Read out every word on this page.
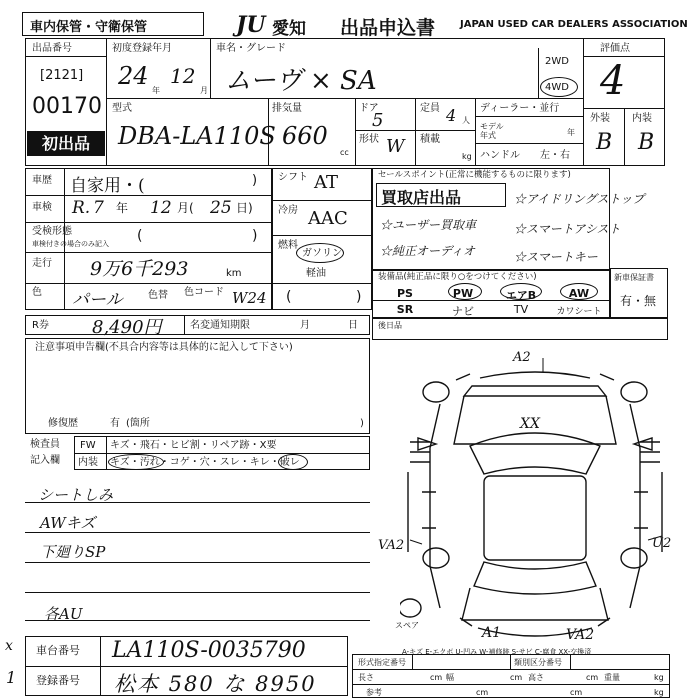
車内保管・守衛保管	JU 愛知 出品申込書 JAPAN USED CAR DEALERS ASSOCIATION
出品番号
[2121]
00170
初出品
初度登録年月
24
年
12
月
車名・グレード
ムーヴ × SA
2WD
4WD
評価点
4
外装 内装
B B
型式
DBA-LA110S
排気量
660
cc
ドア
5
形状 W
定員 4 人
積載
kg
ディーラー・並行
モデル年式	年
ハンドル 左・右
車歴 自家用・(	)
車検 R. 7 年 12 月( 25 日)
受検形態
車検付きの場合のみ記入 (	)
走行 9万6千293	km
色 パール	色替
シフト AT
冷房 AAC
燃料
ガソリン
軽油
色コード W24 (	)
セールスポイント(正常に機能するものに限ります)
買取店出品	☆アイドリングストップ
☆ユーザー買取車	☆スマートアシスト
☆純正オーディオ	☆スマートキー
装備品(純正品に限り○をつけてください)
PS	PW	エアB	AW
SR	ナビ	TV	カワシート
新車保証書
有・無
R券 8,490円	名変通知期限	月	日	後日品
注意事項申告欄(不具合内容等は具体的に記入して下さい)
修復歴	有 (箇所	)
検査員
記入欄
FW キズ・飛石・ヒビ割・リペア跡・X要
内装 キズ・汚れ・コゲ・穴・スレ・キレ・破レ
シートしみ
AWキズ
下廻りSP
各AU
x
1
A2
XX
VA2	U2
スペア	A1	VA2
A-キズ E-エクボ U-凹み W-補修跡 S-サビ C-腐食 XX-交換済
車台番号 LA110S-0035790
登録番号 松本 580 な 8950
形式指定番号	類別区分番号
長さ	cm 幅	cm 高さ	cm 重量	kg
参考	cm	cm	kg
